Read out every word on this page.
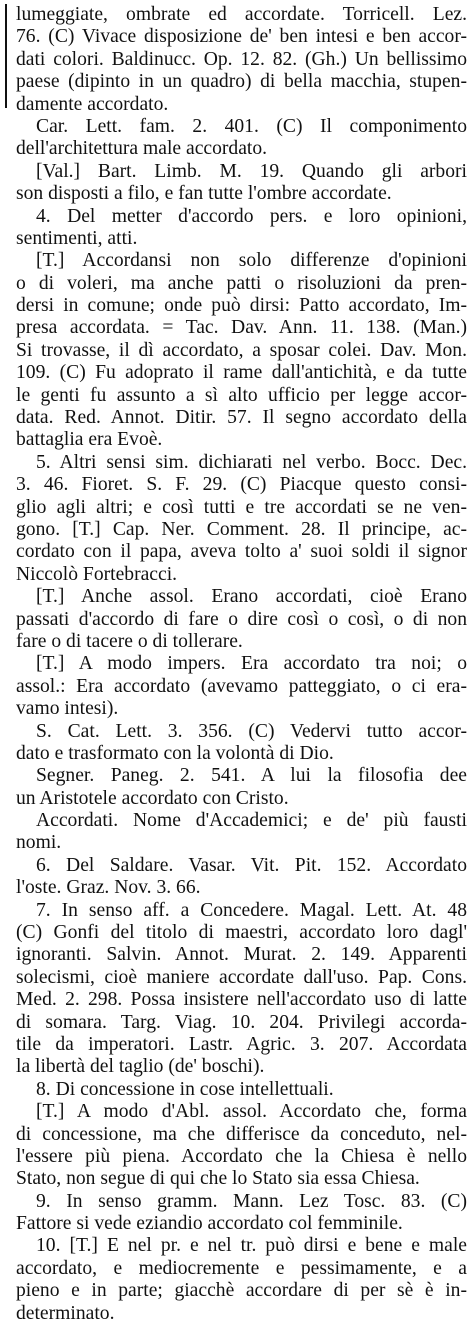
lumeggiate, ombrate ed accordate. Torricell. Lez.
76. (C) Vivace disposizione de' ben intesi e ben accor-
dati colori. Baldinucc. Op. 12. 82. (Gh.) Un bellissimo
paese (dipinto in un quadro) di bella macchia, stupen-
damente accordato.
Car. Lett. fam. 2. 401. (C) Il componimento
dell'architettura male accordato.
[Val.] Bart. Limb. M. 19. Quando gli arbori
son disposti a filo, e fan tutte l'ombre accordate.
4. Del metter d'accordo pers. e loro opinioni,
sentimenti, atti.
[T.] Accordansi non solo differenze d'opinioni
o di voleri, ma anche patti o risoluzioni da pren-
dersi in comune; onde può dirsi: Patto accordato, Im-
presa accordata. = Tac. Dav. Ann. 11. 138. (Man.)
Si trovasse, il dì accordato, a sposar colei. Dav. Mon.
109. (C) Fu adoprato il rame dall'antichità, e da tutte
le genti fu assunto a sì alto ufficio per legge accor-
data. Red. Annot. Ditir. 57. Il segno accordato della
battaglia era Evoè.
5. Altri sensi sim. dichiarati nel verbo. Bocc. Dec.
3. 46. Fioret. S. F. 29. (C) Piacque questo consi-
glio agli altri; e così tutti e tre accordati se ne ven-
gono. [T.] Cap. Ner. Comment. 28. Il principe, ac-
cordato con il papa, aveva tolto a' suoi soldi il signor
Niccolò Fortebracci.
[T.] Anche assol. Erano accordati, cioè Erano
passati d'accordo di fare o dire così o così, o di non
fare o di tacere o di tollerare.
[T.] A modo impers. Era accordato tra noi; o
assol.: Era accordato (avevamo patteggiato, o ci era-
vamo intesi).
S. Cat. Lett. 3. 356. (C) Vedervi tutto accor-
dato e trasformato con la volontà di Dio.
Segner. Paneg. 2. 541. A lui la filosofia dee
un Aristotele accordato con Cristo.
Accordati. Nome d'Accademici; e de' più fausti
nomi.
6. Del Saldare. Vasar. Vit. Pit. 152. Accordato
l'oste. Graz. Nov. 3. 66.
7. In senso aff. a Concedere. Magal. Lett. At. 48
(C) Gonfi del titolo di maestri, accordato loro dagl'
ignoranti. Salvin. Annot. Murat. 2. 149. Apparenti
solecismi, cioè maniere accordate dall'uso. Pap. Cons.
Med. 2. 298. Possa insistere nell'accordato uso di latte
di somara. Targ. Viag. 10. 204. Privilegi accorda-
tile da imperatori. Lastr. Agric. 3. 207. Accordata
la libertà del taglio (de' boschi).
8. Di concessione in cose intellettuali.
[T.] A modo d'Abl. assol. Accordato che, forma
di concessione, ma che differisce da conceduto, nel-
l'essere più piena. Accordato che la Chiesa è nello
Stato, non segue di qui che lo Stato sia essa Chiesa.
9. In senso gramm. Mann. Lez Tosc. 83. (C)
Fattore si vede eziandio accordato col femminile.
10. [T.] E nel pr. e nel tr. può dirsi e bene e male
accordato, e mediocremente e pessimamente, e a
pieno e in parte; giacchè accordare di per sè è in-
determinato.
